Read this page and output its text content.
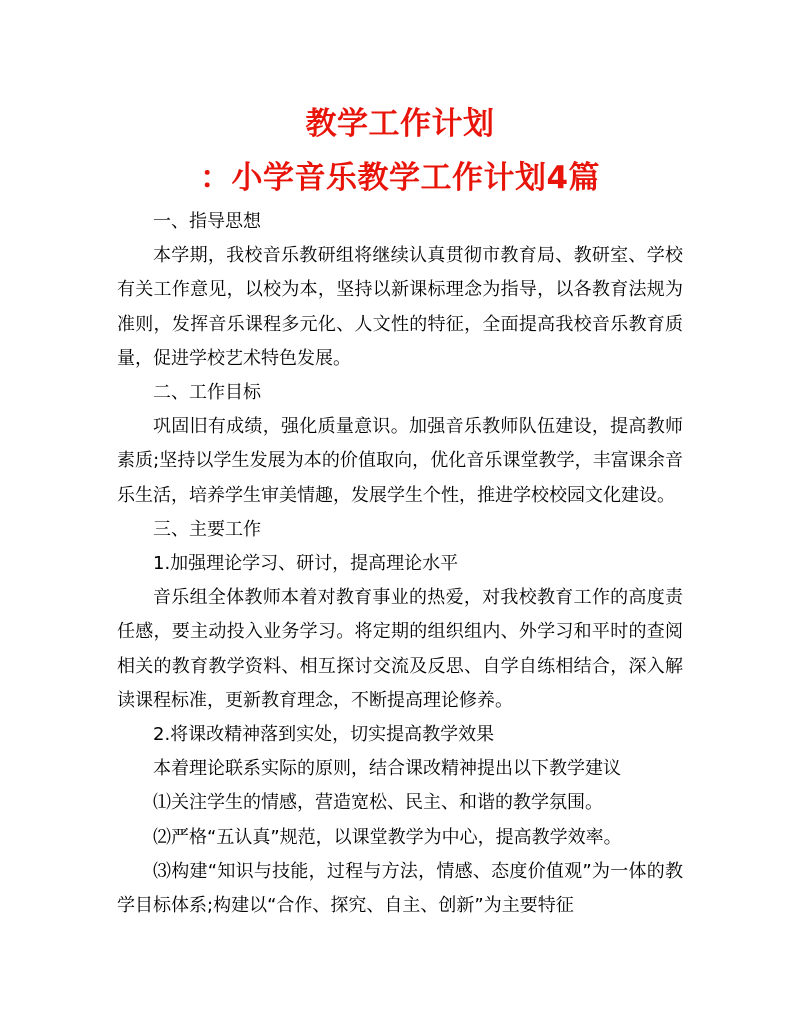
教学工作计划
：小学音乐教学工作计划4篇

一、指导思想

本学期，我校音乐教研组将继续认真贯彻市教育局、教研室、学校有关工作意见，以校为本，坚持以新课标理念为指导，以各教育法规为准则，发挥音乐课程多元化、人文性的特征，全面提高我校音乐教育质量，促进学校艺术特色发展。

二、工作目标

巩固旧有成绩，强化质量意识。加强音乐教师队伍建设，提高教师素质;坚持以学生发展为本的价值取向，优化音乐课堂教学，丰富课余音乐生活，培养学生审美情趣，发展学生个性，推进学校校园文化建设。

三、主要工作

1.加强理论学习、研讨，提高理论水平

音乐组全体教师本着对教育事业的热爱，对我校教育工作的高度责任感，要主动投入业务学习。将定期的组织组内、外学习和平时的查阅相关的教育教学资料、相互探讨交流及反思、自学自练相结合，深入解读课程标准，更新教育理念，不断提高理论修养。

2.将课改精神落到实处，切实提高教学效果

本着理论联系实际的原则，结合课改精神提出以下教学建议

⑴关注学生的情感，营造宽松、民主、和谐的教学氛围。

⑵严格“五认真”规范，以课堂教学为中心，提高教学效率。

⑶构建“知识与技能，过程与方法，情感、态度价值观”为一体的教学目标体系;构建以“合作、探究、自主、创新”为主要特征
